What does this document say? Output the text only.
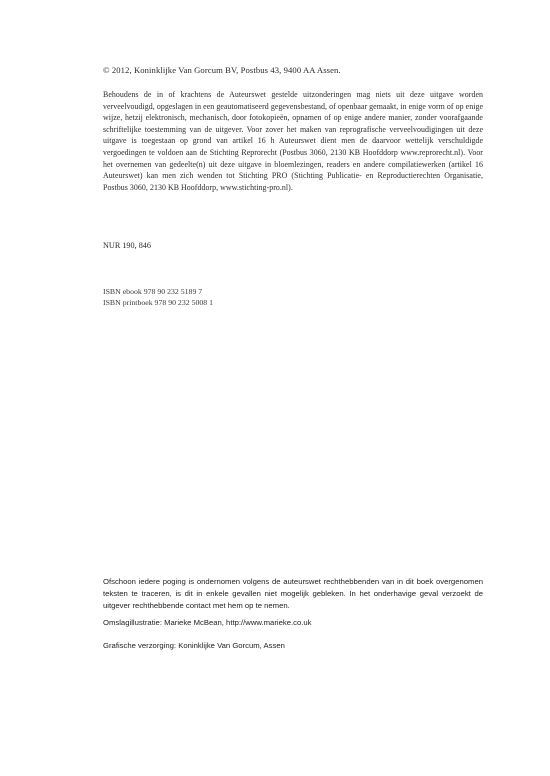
© 2012, Koninklijke Van Gorcum BV, Postbus 43, 9400 AA Assen.

Behoudens de in of krachtens de Auteurswet gestelde uitzonderingen mag niets uit deze uitgave worden verveelvoudigd, opgeslagen in een geautomatiseerd gegevensbestand, of openbaar gemaakt, in enige vorm of op enige wijze, hetzij elektronisch, mechanisch, door fotokopieën, opnamen of op enige andere manier, zonder voorafgaande schriftelijke toestemming van de uitgever. Voor zover het maken van reprografische verveelvoudigingen uit deze uitgave is toegestaan op grond van artikel 16 h Auteurswet dient men de daarvoor wettelijk verschuldigde vergoedingen te voldoen aan de Stichting Reprorecht (Postbus 3060, 2130 KB Hoofddorp www.reprorecht.nl). Voor het overnemen van gedeelte(n) uit deze uitgave in bloemlezingen, readers en andere compilatiewerken (artikel 16 Auteurswet) kan men zich wenden tot Stichting PRO (Stichting Publicatie- en Reproductierechten Organisatie, Postbus 3060, 2130 KB Hoofddorp, www.stichting-pro.nl).

NUR 190, 846

ISBN ebook 978 90 232 5189 7
ISBN printboek 978 90 232 5008 1

Ofschoon iedere poging is ondernomen volgens de auteurswet rechthebbenden van in dit boek overgenomen teksten te traceren, is dit in enkele gevallen niet mogelijk gebleken. In het onderhavige geval verzoekt de uitgever rechthebbende contact met hem op te nemen.

Omslagillustratie: Marieke McBean, http://www.marieke.co.uk

Grafische verzorging: Koninklijke Van Gorcum, Assen
